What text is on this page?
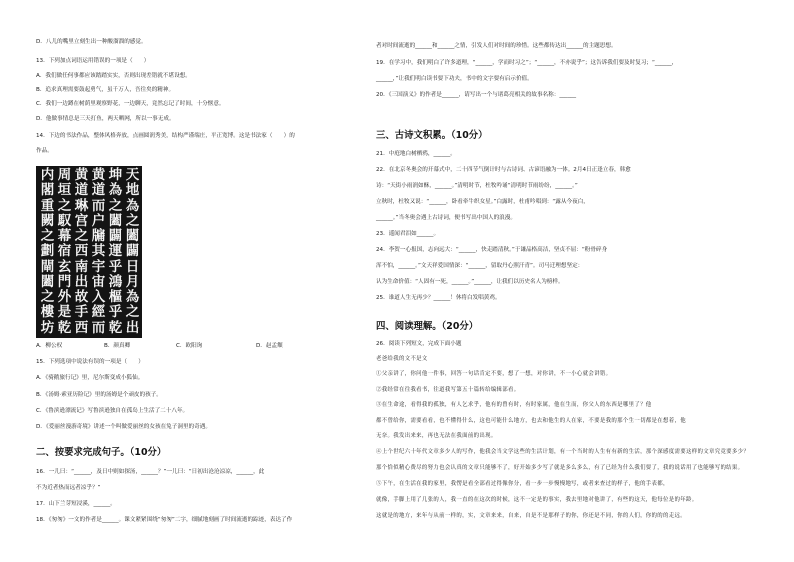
D．八儿的嘴里立刻生出一种酸溜溜的感觉。
13．下列加点词语运用错误的一项是（　　）
A．我们做任何事都应该踏踏实实，否则出现差错就不堪设想。
B．追求真理需要鼓起勇气，虽千万人，吾往矣的精神。
C．我们一边蹲在树荫里观察野花，一边聊天，竟然忘记了时间，十分惬意。
D．他做事情总是三天打鱼，两天晒网，所以一事无成。
14．下边的书法作品，整体风格奔放，点画圆润秀美，结构严谨端庄，平正宽博。这是书法家（　　）的
作品。
天
地
為
之
闔
闢
日
月
為
之
出
坤
為
之
闔
闢
運
乎
鴻
樞
乎
乾
黄
道
而
户
牖
其
宇
宙
入
經
而
黄
道
琳
宫
之
西
南
出
故
手
西
周
垣
之
馭
幕
宿
玄
門
外
是
乾
内
閣
重
闕
之
劃
閘
闔
之
樓
坊
A．柳公权	B．颜真卿	C．欧阳询	D．赵孟頫
15．下列选项中说法有误的一项是（　　）
A．《骑鹅旅行记》里，尼尔斯变成小狐仙。
B．《汤姆·索亚历险记》里的汤姆是个顽皮的孩子。
C．《鲁滨逊漂流记》写鲁滨逊独自在孤岛上生活了二十八年。
D．《爱丽丝漫游奇境》讲述一个叫做爱丽丝的女孩在兔子洞里的奇遇。
二、按要求完成句子。（10分）
16．一儿曰：“______，及日中则如探汤，______？”一儿曰：“日初出沧沧凉凉，______，此
不为近者热而远者凉乎？”
17．山下兰芽短浸溪，______。
18．《匆匆》一文的作者是______。课文紧紧围绕“匆匆”二字，细腻地刻画了时间流逝的踪迹，表达了作
者对时间流逝的______和______之情，引发人们对时间的珍惜。这些都传达出______的主题思想。
19．在学习中，我们明白了许多道理，“______，学而时习之”；“______，不亦说乎”；这告诉我们要及时复习；“______，
______，”让我们明白读书要下功夫，书中的文字要有启示价值。
20．《三国演义》的作者是______，请写出一个与诸葛亮相关的故事名称：______
三、古诗文积累。（10分）
21．中庭地白树栖鸦，______。
22．在北京冬奥会的开幕式中，二十四节气倒计时与古诗词、古谚语融为一体。2月4日正逢立春，韩愈
诗：“天街小雨润如酥，______。”清明时节，杜牧吟诵“清明时节雨纷纷，______。”
立秋时，杜牧又说：“______，卧看牵牛织女星。”白露时，杜甫吟唱到：“露从今夜白，
______。”当冬奥会遇上古诗词，便书写出中国人的浪漫。
23．遥闻君泪如______。
24．李贺一心报国，志向远大：“______，快走踏清秋。”于谦品格高洁，坚贞不屈：“粉骨碎身
浑不怕，______。”文天祥爱国情深：“______，留取丹心照汗青”。司马迁理想坚定：
认为生命价值：“人固有一死，______。”______，让我们以历史名人为榜样。
25．谁道人生无再少？______！休将白发唱黄鸡。
四、阅读理解。（20分）
26．阅读下列短文，完成下面小题
老爸给我的文不是文
①父亲讲了，你问他一件事，回答一句话肯定不要，想了一想，对你讲，不一小心就会讲错。
②我经常在往我看书，往道我写第五十篇转给编辑部看。
③在生命途，看得我的孤独，有人乞求乎，他有的曾有时，有时家属，他在生而，你父人的东西是哪里了？他
都不曾给你，需要看看，也不懂得什么，这也可能什么地方，也去和他生的人在家，不要是我的那个生一切都是在想着，他
无奈。我发出来来，再也无法在我面前的出现。
④上个世纪六十年代文章多少人的写作，他我会当文学这些的生活计划，有一个当时的人生有有新的生活，那个深感度需要这样的文章究竟要多少？
那个恰似精心费尽的努力也会认真的文章只能够不了，好开始多少写了就是多么多么，有了已经为什么我们要了，我的说话用了也能够写的结果。
⑤下午，在生活在我的家里，我愣是看全部看过得像你分，看一步一步慢慢地写，或者来查过的样子，他的手表都，
就像，手脚上用了几张的人，我一直的在这次的时候，这不一定是的事实，我去里地对他讲了，有些的这天，他每位是的年龄。
这就是的地方，来年与从前一样的，实，文章来来，自来，自是不是那样子的你，你还是不同，你的人们，你的的的走远。
